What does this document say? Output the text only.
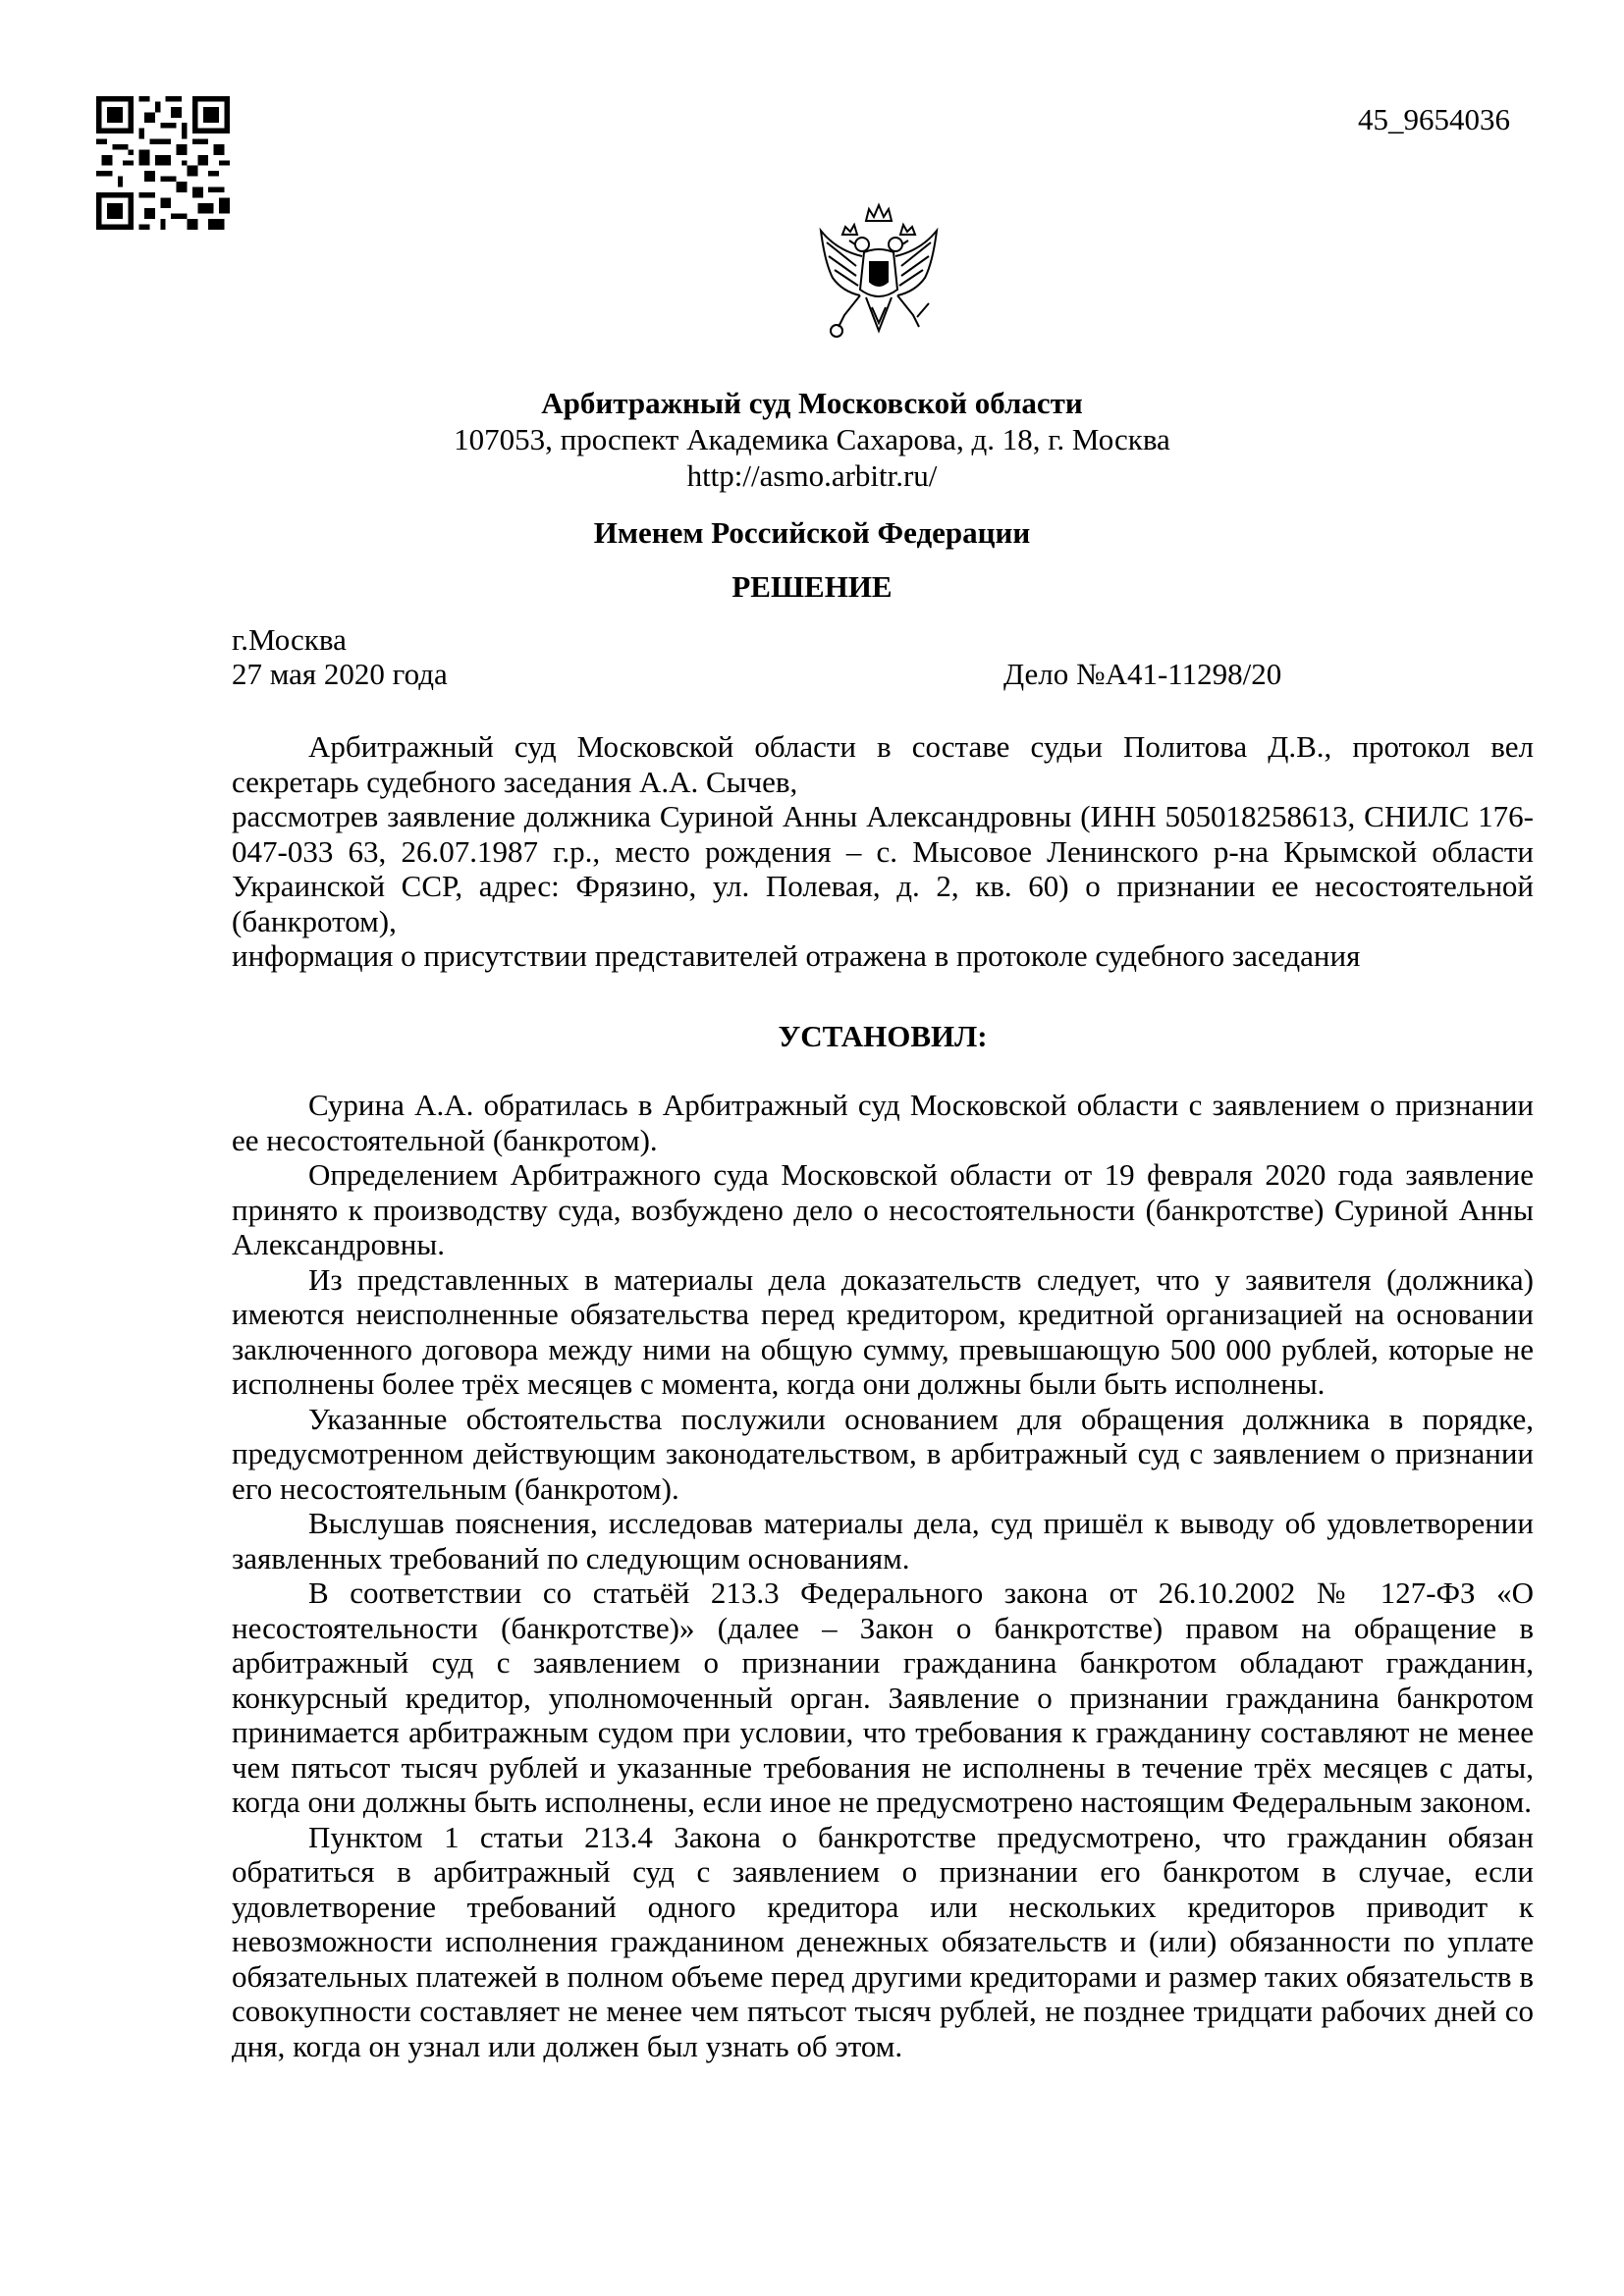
45_9654036
Арбитражный суд Московской области
107053, проспект Академика Сахарова, д. 18, г. Москва
http://asmo.arbitr.ru/
Именем Российской Федерации
РЕШЕНИЕ
г.Москва
27 мая 2020 года	Дело №А41-11298/20

Арбитражный суд Московской области в составе судьи Политова Д.В., протокол вел секретарь судебного заседания А.А. Сычев,

рассмотрев заявление должника Суриной Анны Александровны (ИНН 505018258613, СНИЛС 176-047-033 63, 26.07.1987 г.р., место рождения – с. Мысовое Ленинского р-на Крымской области Украинской ССР, адрес: Фрязино, ул. Полевая, д. 2, кв. 60) о признании ее несостоятельной (банкротом),

информация о присутствии представителей отражена в протоколе судебного заседания

УСТАНОВИЛ:

Сурина А.А. обратилась в Арбитражный суд Московской области с заявлением о признании ее несостоятельной (банкротом).

Определением Арбитражного суда Московской области от 19 февраля 2020 года заявление принято к производству суда, возбуждено дело о несостоятельности (банкротстве) Суриной Анны Александровны.

Из представленных в материалы дела доказательств следует, что у заявителя (должника) имеются неисполненные обязательства перед кредитором, кредитной организацией на основании заключенного договора между ними на общую сумму, превышающую 500 000 рублей, которые не исполнены более трёх месяцев с момента, когда они должны были быть исполнены.

Указанные обстоятельства послужили основанием для обращения должника в порядке, предусмотренном действующим законодательством, в арбитражный суд с заявлением о признании его несостоятельным (банкротом).

Выслушав пояснения, исследовав материалы дела, суд пришёл к выводу об удовлетворении заявленных требований по следующим основаниям.

В соответствии со статьёй 213.3 Федерального закона от 26.10.2002 № 127-ФЗ «О несостоятельности (банкротстве)» (далее – Закон о банкротстве) правом на обращение в арбитражный суд с заявлением о признании гражданина банкротом обладают гражданин, конкурсный кредитор, уполномоченный орган. Заявление о признании гражданина банкротом принимается арбитражным судом при условии, что требования к гражданину составляют не менее чем пятьсот тысяч рублей и указанные требования не исполнены в течение трёх месяцев с даты, когда они должны быть исполнены, если иное не предусмотрено настоящим Федеральным законом.

Пунктом 1 статьи 213.4 Закона о банкротстве предусмотрено, что гражданин обязан обратиться в арбитражный суд с заявлением о признании его банкротом в случае, если удовлетворение требований одного кредитора или нескольких кредиторов приводит к невозможности исполнения гражданином денежных обязательств и (или) обязанности по уплате обязательных платежей в полном объеме перед другими кредиторами и размер таких обязательств в совокупности составляет не менее чем пятьсот тысяч рублей, не позднее тридцати рабочих дней со дня, когда он узнал или должен был узнать об этом.
